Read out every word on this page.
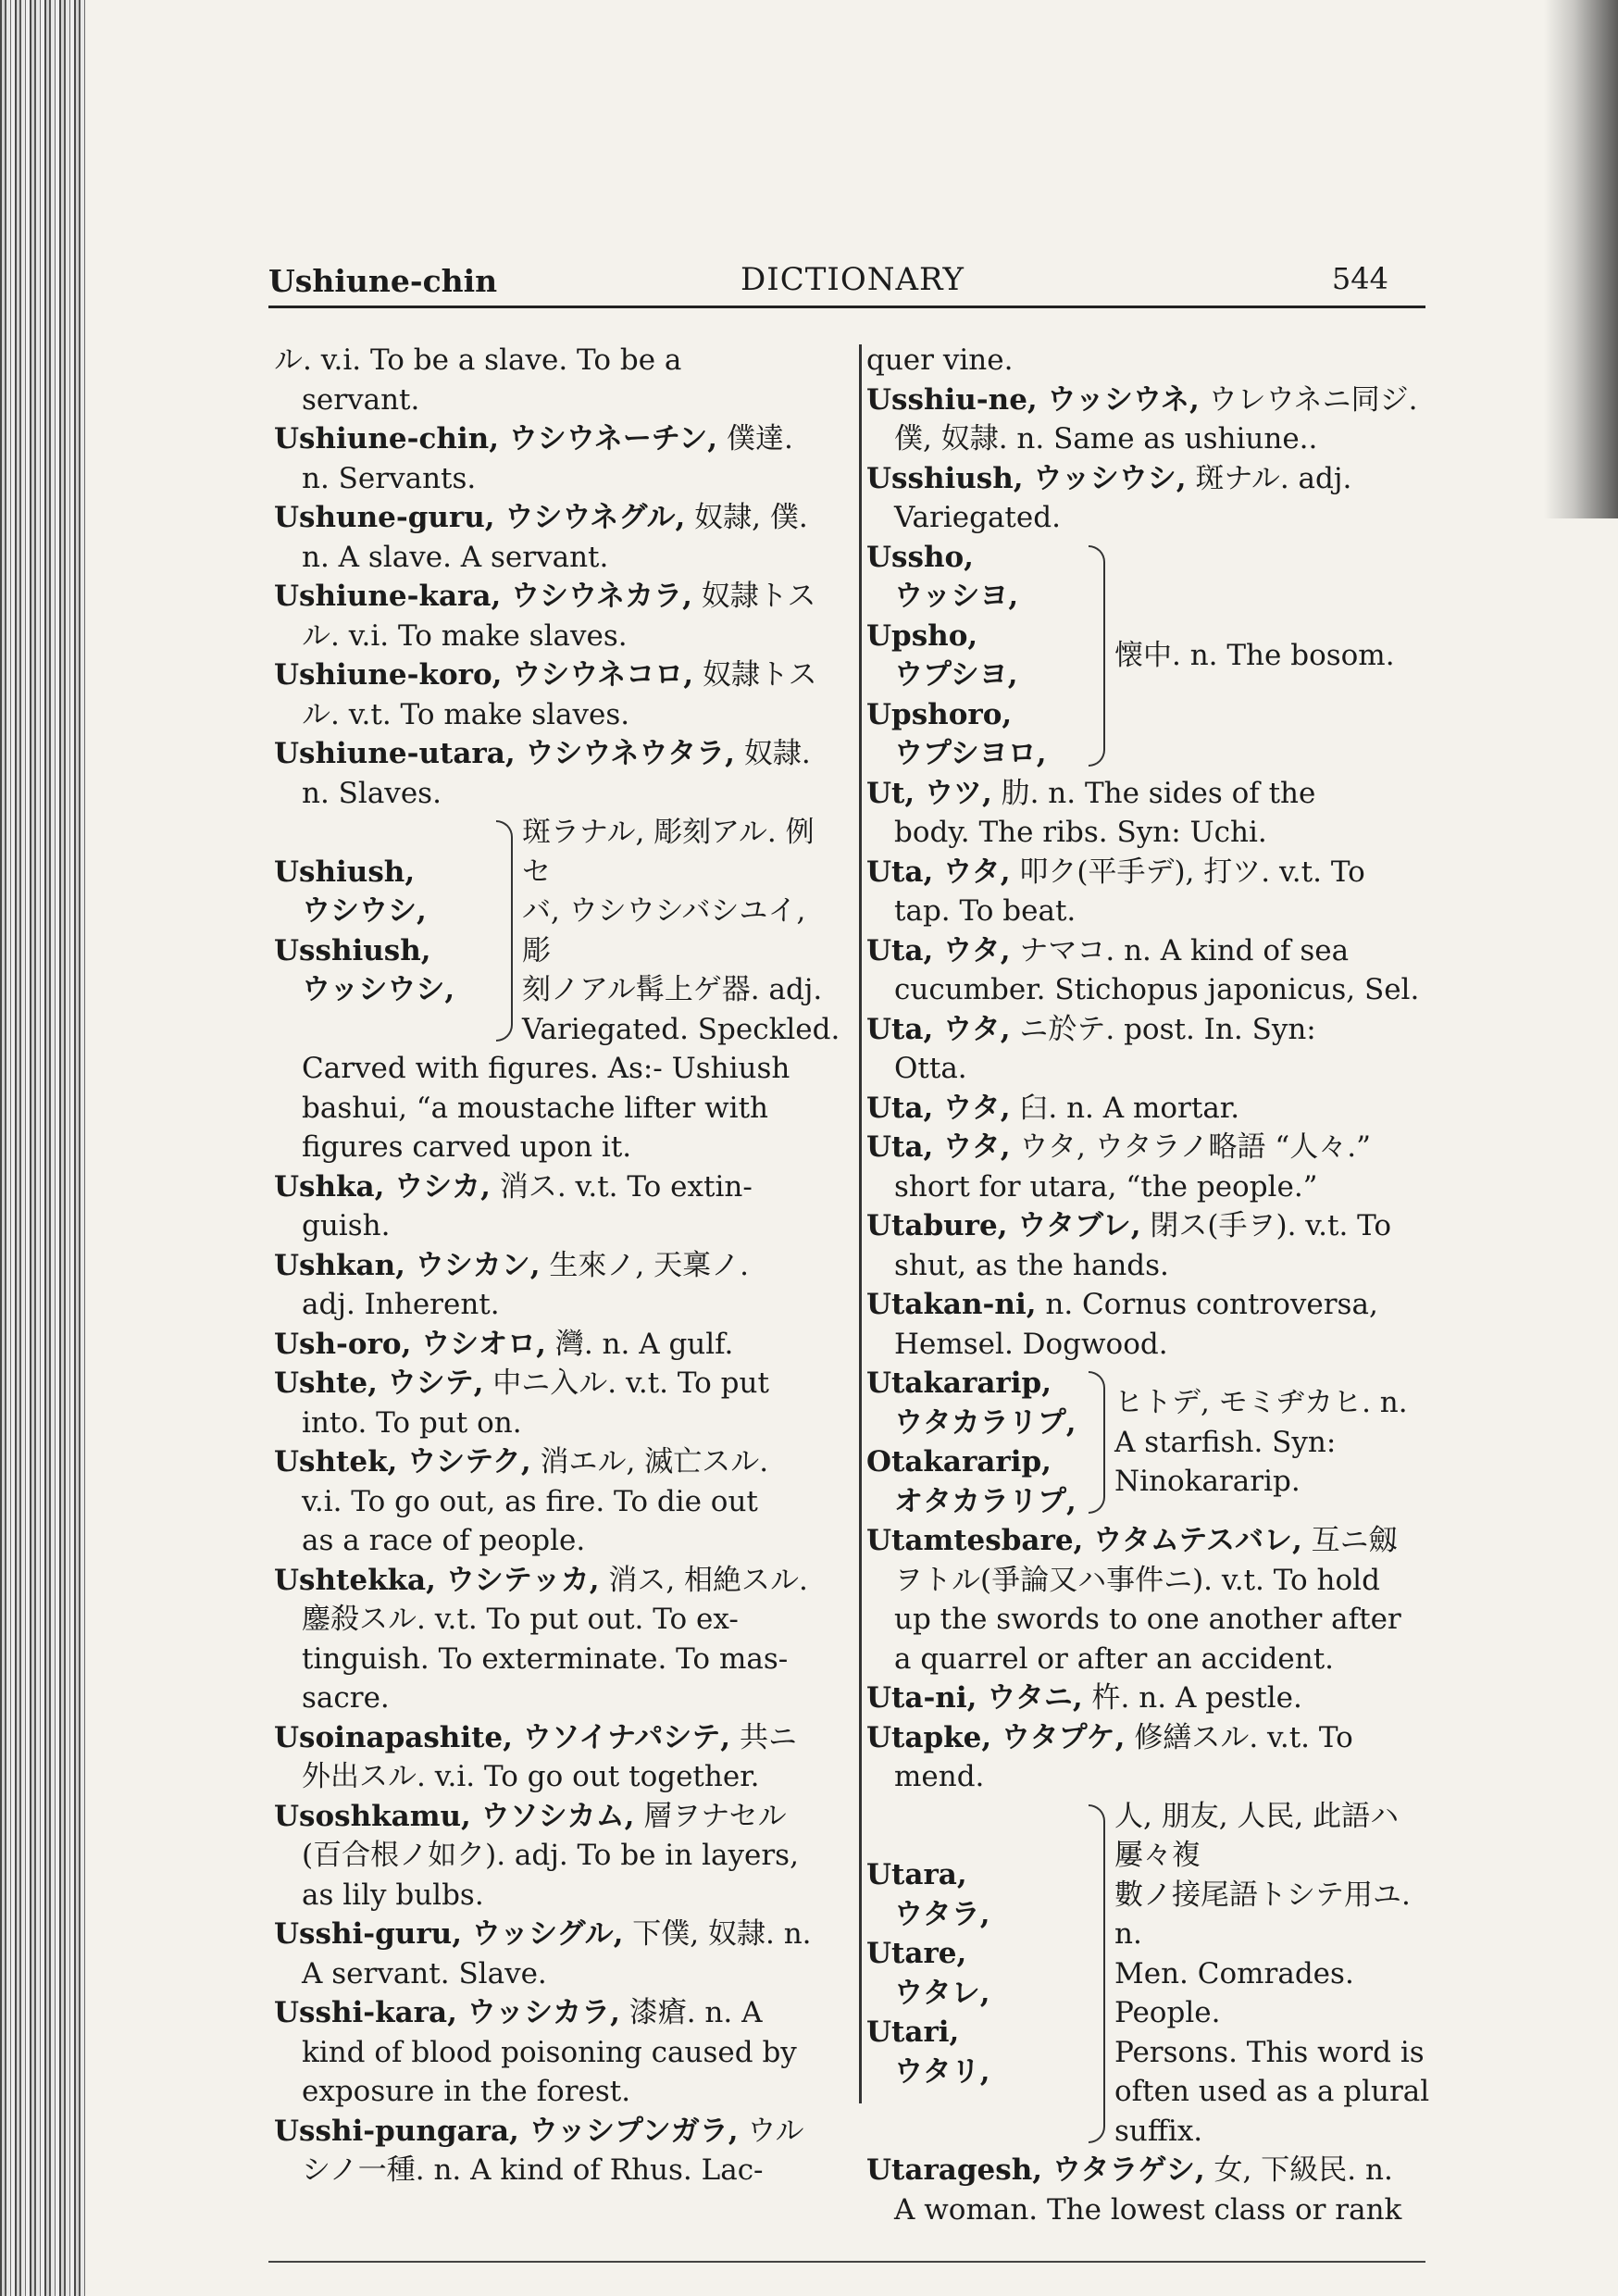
Ushiune-chin	DICTIONARY	544

ル. v.i. To be a slave. To be a

servant.

Ushiune-chin, ウシウネーチン, 僕達.

n. Servants.

Ushune-guru, ウシウネグル, 奴隷, 僕.

n. A slave. A servant.

Ushiune-kara, ウシウネカラ, 奴隷トス

ル. v.i. To make slaves.

Ushiune-koro, ウシウネコロ, 奴隷トス

ル. v.t. To make slaves.

Ushiune-utara, ウシウネウタラ, 奴隷.

n. Slaves.

Ushiush,
ウシウシ,
Usshiush,
ウッシウシ,
斑ラナル, 彫刻アル. 例セ
バ, ウシウシバシユイ, 彫
刻ノアル髯上ゲ器. adj.
Variegated. Speckled.

Carved with figures. As:- Ushiush

bashui, “a moustache lifter with

figures carved upon it.

Ushka, ウシカ, 消ス. v.t. To extin-

guish.

Ushkan, ウシカン, 生來ノ, 天稟ノ.

adj. Inherent.

Ush-oro, ウシオロ, 灣. n. A gulf.

Ushte, ウシテ, 中ニ入ル. v.t. To put

into. To put on.

Ushtek, ウシテク, 消エル, 滅亡スル.

v.i. To go out, as fire. To die out

as a race of people.

Ushtekka, ウシテッカ, 消ス, 相絶スル.

鏖殺スル. v.t. To put out. To ex-

tinguish. To exterminate. To mas-

sacre.

Usoinapashite, ウソイナパシテ, 共ニ

外出スル. v.i. To go out together.

Usoshkamu, ウソシカム, 層ヲナセル

(百合根ノ如ク). adj. To be in layers,

as lily bulbs.

Usshi-guru, ウッシグル, 下僕, 奴隷. n.

A servant. Slave.

Usshi-kara, ウッシカラ, 漆瘡. n. A

kind of blood poisoning caused by

exposure in the forest.

Usshi-pungara, ウッシプンガラ, ウル

シノ一種. n. A kind of Rhus. Lac-

quer vine.

Usshiu-ne, ウッシウネ, ウレウネニ同ジ.

僕, 奴隷. n. Same as ushiune..

Usshiush, ウッシウシ, 斑ナル. adj.

Variegated.

Ussho,
ウッシヨ,
Upsho,
ウプシヨ,
Upshoro,
ウプシヨロ,
懐中. n. The bosom.

Ut, ウツ, 肋. n. The sides of the

body. The ribs. Syn: Uchi.

Uta, ウタ, 叩ク(平手デ), 打ツ. v.t. To

tap. To beat.

Uta, ウタ, ナマコ. n. A kind of sea

cucumber. Stichopus japonicus, Sel.

Uta, ウタ, ニ於テ. post. In. Syn:

Otta.

Uta, ウタ, 臼. n. A mortar.

Uta, ウタ, ウタ, ウタラノ略語 “人々.”

short for utara, “the people.”

Utabure, ウタブレ, 閉ス(手ヲ). v.t. To

shut, as the hands.

Utakan-ni, n. Cornus controversa,

Hemsel. Dogwood.

Utakararip,
ウタカラリプ,
Otakararip,
オタカラリプ,
ヒトデ, モミヂカヒ. n.
A starfish. Syn:
Ninokararip.

Utamtesbare, ウタムテスバレ, 互ニ劔

ヲトル(爭論又ハ事件ニ). v.t. To hold

up the swords to one another after

a quarrel or after an accident.

Uta-ni, ウタニ, 杵. n. A pestle.

Utapke, ウタプケ, 修繕スル. v.t. To

mend.

Utara,
ウタラ,
Utare,
ウタレ,
Utari,
ウタリ,
人, 朋友, 人民, 此語ハ屢々複
數ノ接尾語トシテ用ユ. n.
Men. Comrades. People.
Persons. This word is
often used as a plural
suffix.

Utaragesh, ウタラゲシ, 女, 下級民. n.

A woman. The lowest class or rank
